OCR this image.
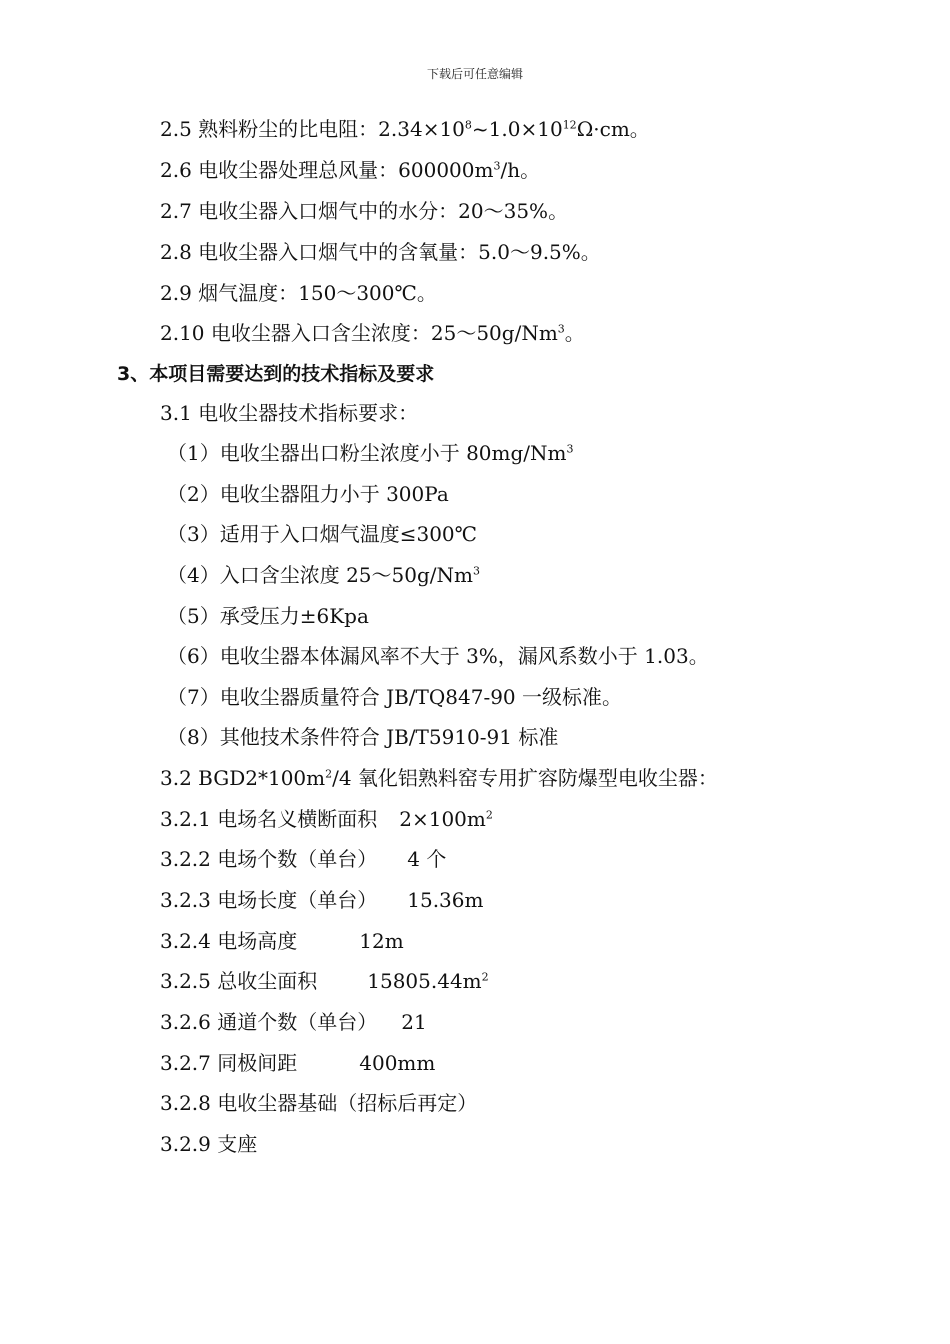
下载后可任意编辑
2.5 熟料粉尘的比电阻：$2.34\times 10^8\sim 1.0\times 10^{12}\Omega\cdot cm$。
2.6 电收尘器处理总风量：$600000m^3/h$。
2.7 电收尘器入口烟气中的水分：20～35%。
2.8 电收尘器入口烟气中的含氧量：5.0～9.5%。
2.9 烟气温度：150～300℃。
2.10 电收尘器入口含尘浓度：25～50g/Nm$^3$。
3、本项目需要达到的技术指标及要求
3.1 电收尘器技术指标要求：
（1）电收尘器出口粉尘浓度小于 80mg/Nm$^3$
（2）电收尘器阻力小于 300Pa
（3）适用于入口烟气温度≤300℃
（4）入口含尘浓度 25～50g/Nm$^3$
（5）承受压力±6Kpa
（6）电收尘器本体漏风率不大于 3%，漏风系数小于 1.03。
（7）电收尘器质量符合 JB/TQ847-90 一级标准。
（8）其他技术条件符合 JB/T5910-91 标准
3.2 $BGD2*100m^2/4$ 氧化铝熟料窑专用扩容防爆型电收尘器：
3.2.1 电场名义横断面积 $2\times 100m^2$
3.2.2 电场个数（单台） 4 个
3.2.3 电场长度（单台） 15.36m
3.2.4 电场高度	12m
3.2.5 总收尘面积	$15805.44m^2$
3.2.6 通道个数（单台） 21
3.2.7 同极间距	400mm
3.2.8 电收尘器基础（招标后再定）
3.2.9 支座
